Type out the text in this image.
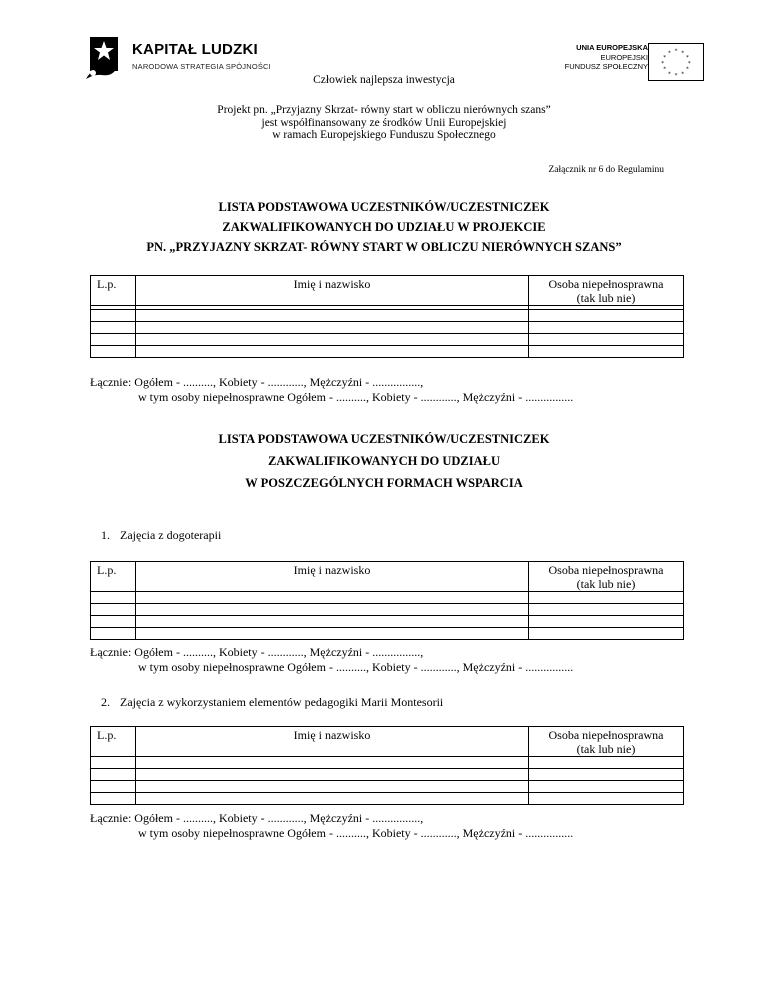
KAPITAŁ LUDZKI
NARODOWA STRATEGIA SPÓJNOŚCI
UNIA EUROPEJSKA
EUROPEJSKI
FUNDUSZ SPOŁECZNY
* *
*
*
*
*
*
*
*
*
*
*
Człowiek najlepsza inwestycja
Projekt pn. „Przyjazny Skrzat- równy start w obliczu nierównych szans”
jest współfinansowany ze środków Unii Europejskiej
w ramach Europejskiego Funduszu Społecznego
Załącznik nr 6 do Regulaminu
LISTA PODSTAWOWA UCZESTNIKÓW/UCZESTNICZEK
ZAKWALIFIKOWANYCH DO UDZIAŁU W PROJEKCIE
PN. „PRZYJAZNY SKRZAT- RÓWNY START W OBLICZU NIERÓWNYCH SZANS”
L.p.	Imię i nazwisko	Osoba niepełnosprawna
(tak lub nie)

Łącznie: Ogółem - .........., Kobiety - ............, Mężczyźni - ................,
w tym osoby niepełnosprawne Ogółem - .........., Kobiety - ............, Mężczyźni - ................
LISTA PODSTAWOWA UCZESTNIKÓW/UCZESTNICZEK
ZAKWALIFIKOWANYCH DO UDZIAŁU
W POSZCZEGÓLNYCH FORMACH WSPARCIA
1. Zajęcia z dogoterapii
L.p.	Imię i nazwisko	Osoba niepełnosprawna
(tak lub nie)

Łącznie: Ogółem - .........., Kobiety - ............, Mężczyźni - ................,
w tym osoby niepełnosprawne Ogółem - .........., Kobiety - ............, Mężczyźni - ................
2. Zajęcia z wykorzystaniem elementów pedagogiki Marii Montesorii
L.p.	Imię i nazwisko	Osoba niepełnosprawna
(tak lub nie)

Łącznie: Ogółem - .........., Kobiety - ............, Mężczyźni - ................,
w tym osoby niepełnosprawne Ogółem - .........., Kobiety - ............, Mężczyźni - ................
